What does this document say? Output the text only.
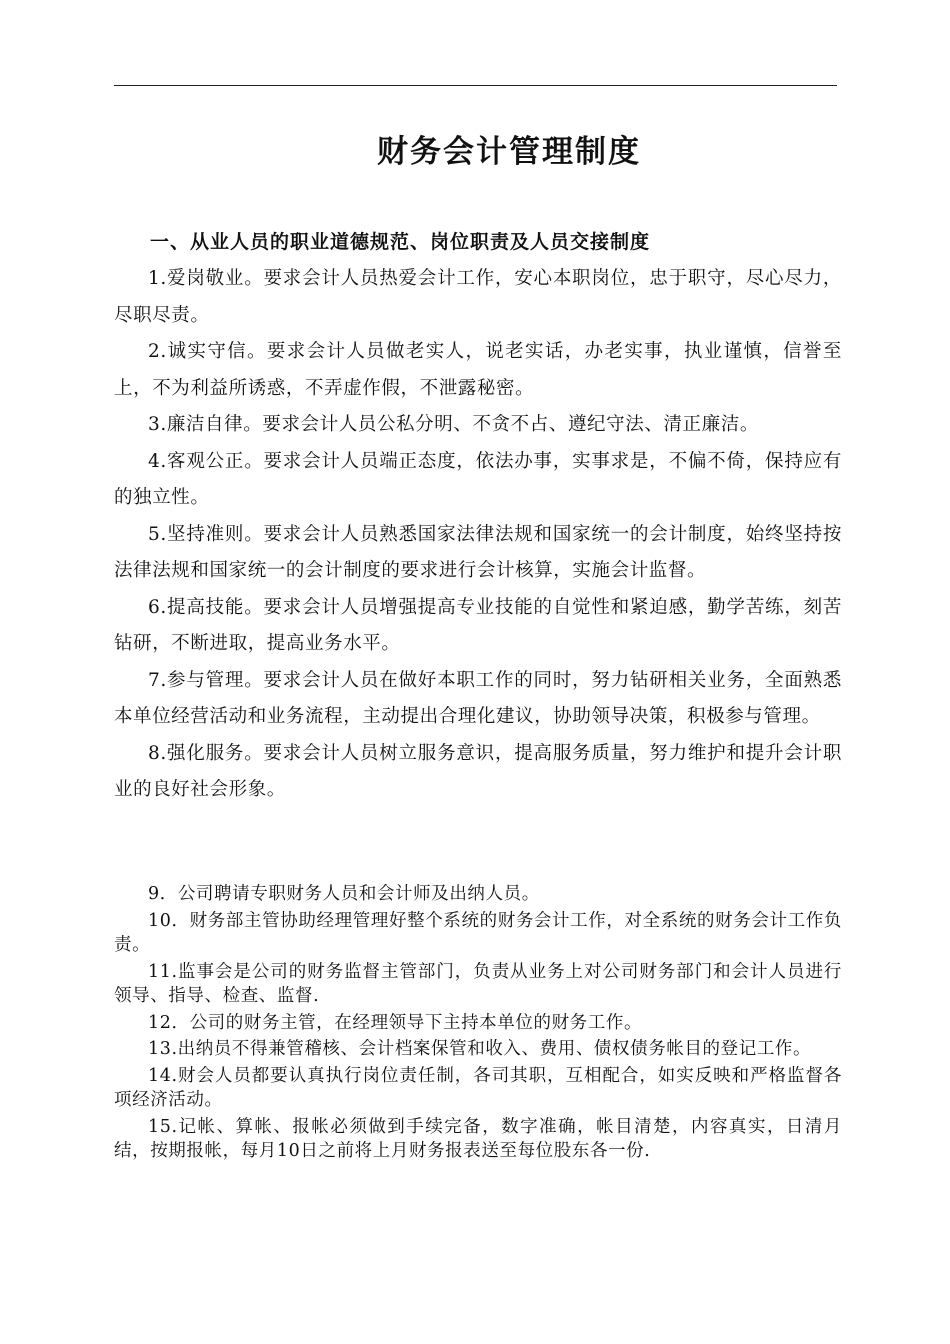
财务会计管理制度
一、从业人员的职业道德规范、岗位职责及人员交接制度

1.爱岗敬业。要求会计人员热爱会计工作，安心本职岗位，忠于职守，尽心尽力，尽职尽责。

2.诚实守信。要求会计人员做老实人，说老实话，办老实事，执业谨慎，信誉至上，不为利益所诱惑，不弄虚作假，不泄露秘密。

3.廉洁自律。要求会计人员公私分明、不贪不占、遵纪守法、清正廉洁。

4.客观公正。要求会计人员端正态度，依法办事，实事求是，不偏不倚，保持应有的独立性。

5.坚持准则。要求会计人员熟悉国家法律法规和国家统一的会计制度，始终坚持按法律法规和国家统一的会计制度的要求进行会计核算，实施会计监督。

6.提高技能。要求会计人员增强提高专业技能的自觉性和紧迫感，勤学苦练，刻苦钻研，不断进取，提高业务水平。

7.参与管理。要求会计人员在做好本职工作的同时，努力钻研相关业务，全面熟悉本单位经营活动和业务流程，主动提出合理化建议，协助领导决策，积极参与管理。

8.强化服务。要求会计人员树立服务意识，提高服务质量，努力维护和提升会计职业的良好社会形象。

9．公司聘请专职财务人员和会计师及出纳人员。

10．财务部主管协助经理管理好整个系统的财务会计工作，对全系统的财务会计工作负责。

11.监事会是公司的财务监督主管部门，负责从业务上对公司财务部门和会计人员进行领导、指导、检查、监督.

12．公司的财务主管，在经理领导下主持本单位的财务工作。

13.出纳员不得兼管稽核、会计档案保管和收入、费用、债权债务帐目的登记工作。

14.财会人员都要认真执行岗位责任制，各司其职，互相配合，如实反映和严格监督各项经济活动。

15.记帐、算帐、报帐必须做到手续完备，数字准确，帐目清楚，内容真实，日清月结，按期报帐，每月10日之前将上月财务报表送至每位股东各一份.
